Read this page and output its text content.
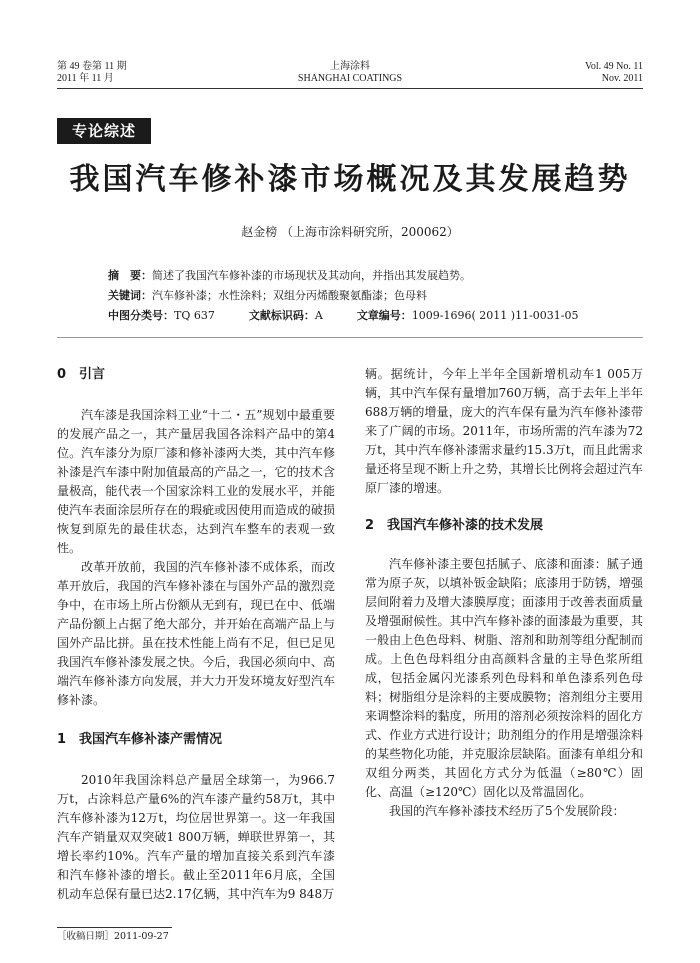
第 49 卷第 11 期
2011 年 11 月
上海涂料
SHANGHAI COATINGS
Vol. 49 No. 11
Nov. 2011
专论综述
我国汽车修补漆市场概况及其发展趋势
赵金榜 （上海市涂料研究所，200062）
摘　要：简述了我国汽车修补漆的市场现状及其动向，并指出其发展趋势。
关键词：汽车修补漆；水性涂料；双组分丙烯酸聚氨酯漆；色母料
中图分类号：TQ 637	文献标识码：A	文章编号：1009-1696( 2011 )11-0031-05
0　引言

汽车漆是我国涂料工业“十二・五”规划中最重要的发展产品之一，其产量居我国各涂料产品中的第4位。汽车漆分为原厂漆和修补漆两大类，其中汽车修补漆是汽车漆中附加值最高的产品之一，它的技术含量极高，能代表一个国家涂料工业的发展水平，并能使汽车表面涂层所存在的瑕疵或因使用而造成的破损恢复到原先的最佳状态，达到汽车整车的表观一致性。

改革开放前，我国的汽车修补漆不成体系，而改革开放后，我国的汽车修补漆在与国外产品的激烈竞争中，在市场上所占份额从无到有，现已在中、低端产品份额上占据了绝大部分，并开始在高端产品上与国外产品比拼。虽在技术性能上尚有不足，但已足见我国汽车修补漆发展之快。今后，我国必须向中、高端汽车修补漆方向发展，并大力开发环境友好型汽车修补漆。

1　我国汽车修补漆产需情况

2010年我国涂料总产量居全球第一，为966.7万t，占涂料总产量6%的汽车漆产量约58万t，其中汽车修补漆为12万t，均位居世界第一。这一年我国汽车产销量双双突破1 800万辆，蝉联世界第一，其增长率约10%。汽车产量的增加直接关系到汽车漆和汽车修补漆的增长。截止至2011年6月底，全国机动车总保有量已达2.17亿辆，其中汽车为9 848万

辆。据统计，今年上半年全国新增机动车1 005万辆，其中汽车保有量增加760万辆，高于去年上半年688万辆的增量，庞大的汽车保有量为汽车修补漆带来了广阔的市场。2011年，市场所需的汽车漆为72万t，其中汽车修补漆需求量约15.3万t，而且此需求量还将呈现不断上升之势，其增长比例将会超过汽车原厂漆的增速。

2　我国汽车修补漆的技术发展

汽车修补漆主要包括腻子、底漆和面漆：腻子通常为原子灰，以填补钣金缺陷；底漆用于防锈，增强层间附着力及增大漆膜厚度；面漆用于改善表面质量及增强耐候性。其中汽车修补漆的面漆最为重要，其一般由上色色母料、树脂、溶剂和助剂等组分配制而成。上色色母料组分由高颜料含量的主导色浆所组成，包括金属闪光漆系列色母料和单色漆系列色母料；树脂组分是涂料的主要成膜物；溶剂组分主要用来调整涂料的黏度，所用的溶剂必须按涂料的固化方式、作业方式进行设计；助剂组分的作用是增强涂料的某些物化功能，并克服涂层缺陷。面漆有单组分和双组分两类，其固化方式分为低温（≥80℃）固化、高温（≥120℃）固化以及常温固化。

我国的汽车修补漆技术经历了5个发展阶段：

［收稿日期］2011-09-27
